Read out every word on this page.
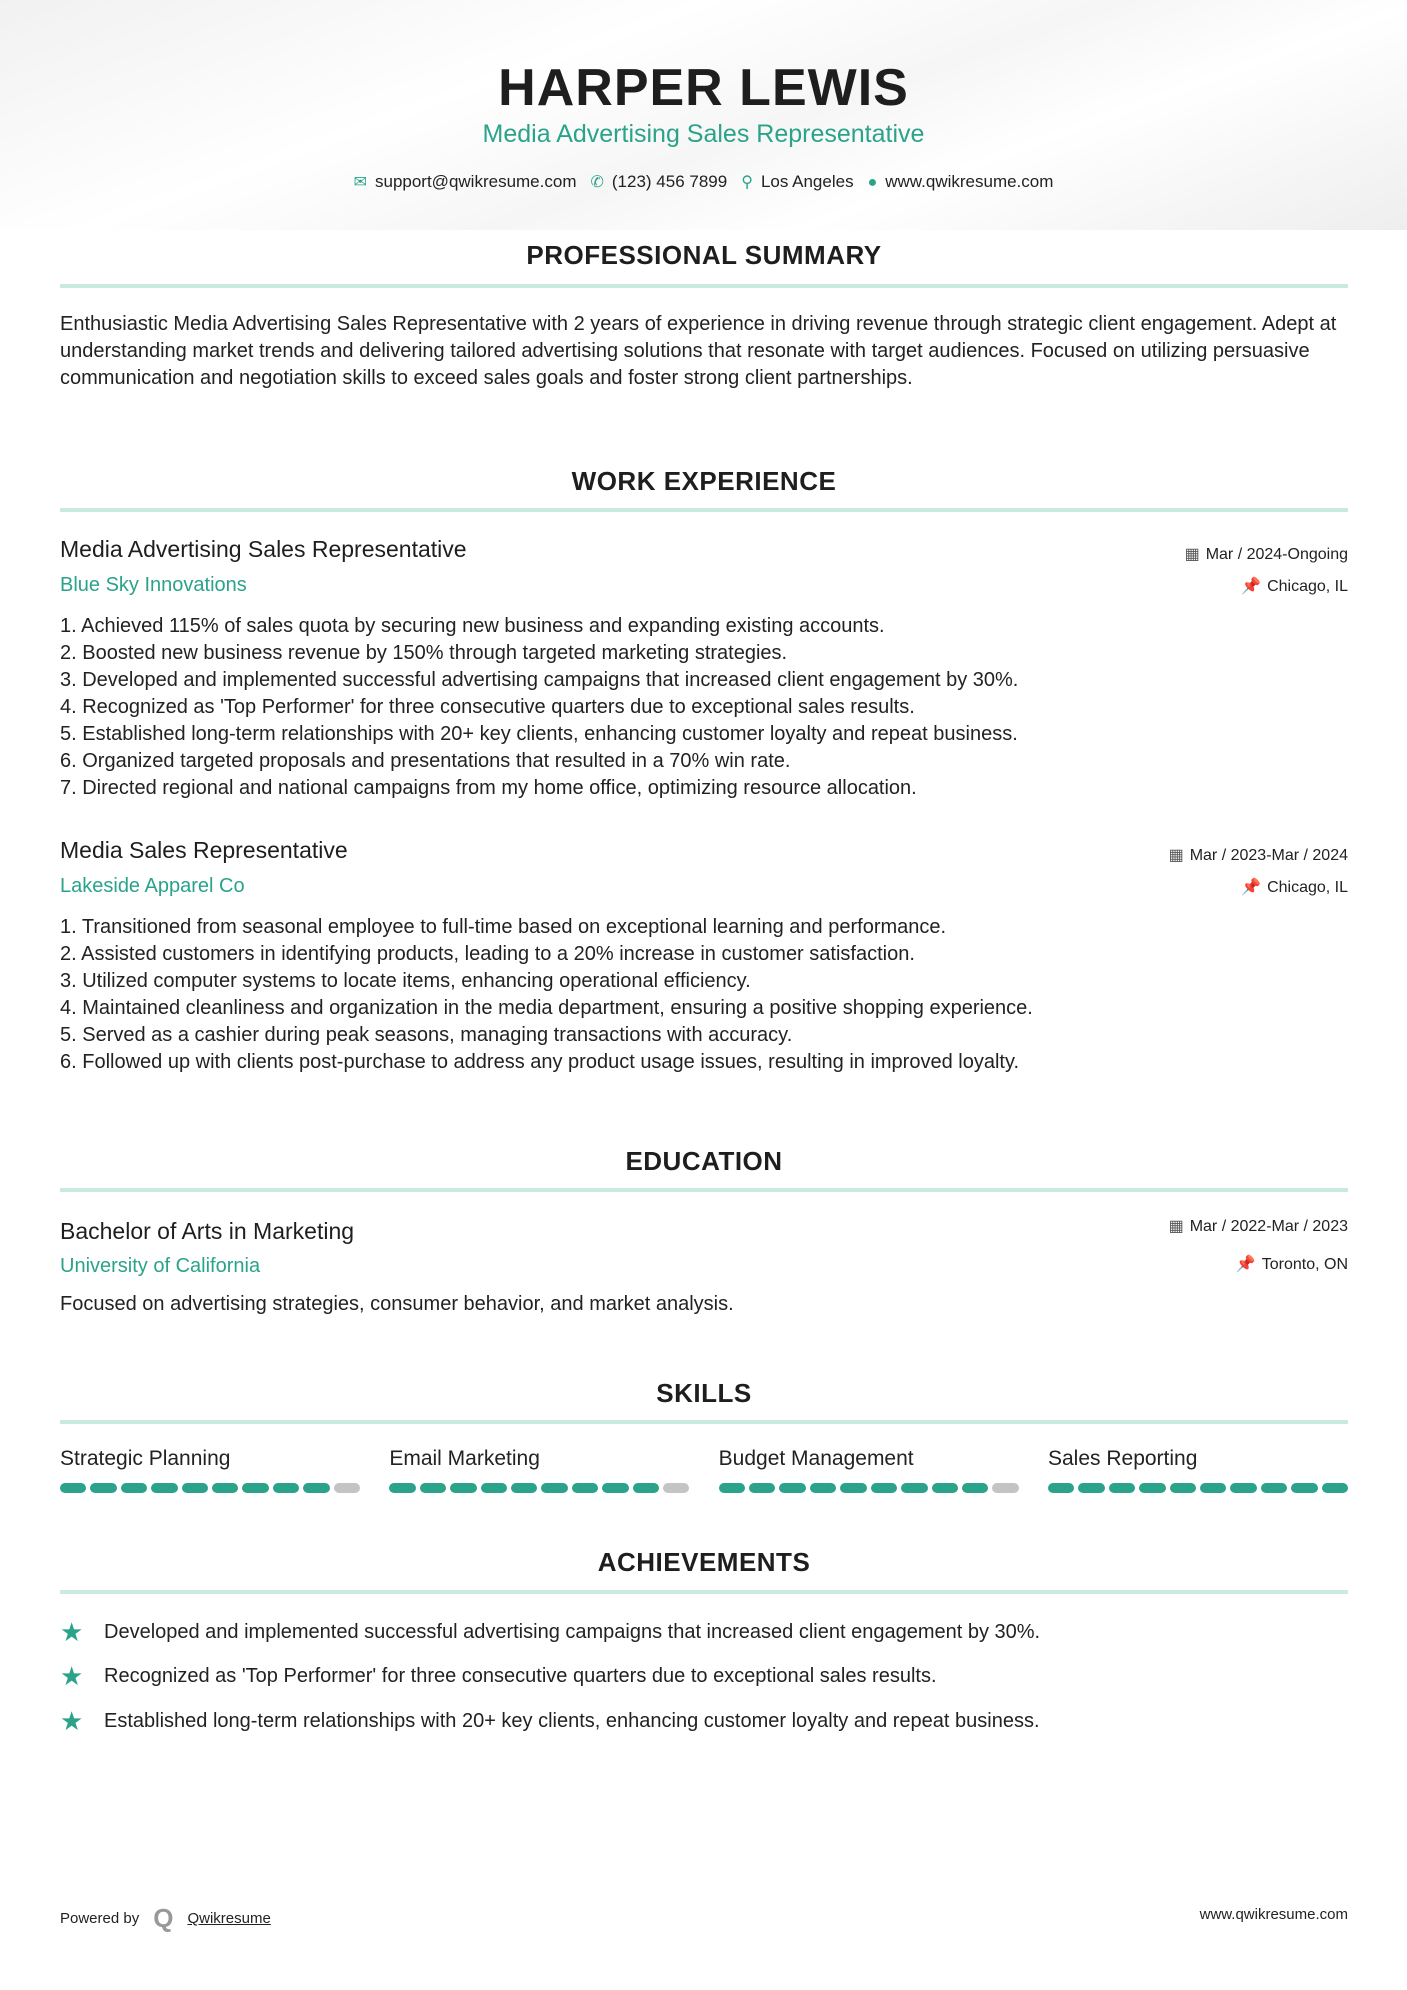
HARPER LEWIS
Media Advertising Sales Representative
✉ support@qwikresume.com ✆ (123) 456 7899 ⚲ Los Angeles ● www.qwikresume.com
PROFESSIONAL SUMMARY
Enthusiastic Media Advertising Sales Representative with 2 years of experience in driving revenue through strategic client engagement. Adept at understanding market trends and delivering tailored advertising solutions that resonate with target audiences. Focused on utilizing persuasive communication and negotiation skills to exceed sales goals and foster strong client partnerships.
WORK EXPERIENCE
Media Advertising Sales Representative
Blue Sky Innovations
▦ Mar / 2024-Ongoing
📌 Chicago, IL
1. Achieved 115% of sales quota by securing new business and expanding existing accounts.
2. Boosted new business revenue by 150% through targeted marketing strategies.
3. Developed and implemented successful advertising campaigns that increased client engagement by 30%.
4. Recognized as 'Top Performer' for three consecutive quarters due to exceptional sales results.
5. Established long-term relationships with 20+ key clients, enhancing customer loyalty and repeat business.
6. Organized targeted proposals and presentations that resulted in a 70% win rate.
7. Directed regional and national campaigns from my home office, optimizing resource allocation.
Media Sales Representative
Lakeside Apparel Co
▦ Mar / 2023-Mar / 2024
📌 Chicago, IL
1. Transitioned from seasonal employee to full-time based on exceptional learning and performance.
2. Assisted customers in identifying products, leading to a 20% increase in customer satisfaction.
3. Utilized computer systems to locate items, enhancing operational efficiency.
4. Maintained cleanliness and organization in the media department, ensuring a positive shopping experience.
5. Served as a cashier during peak seasons, managing transactions with accuracy.
6. Followed up with clients post-purchase to address any product usage issues, resulting in improved loyalty.
EDUCATION
Bachelor of Arts in Marketing
University of California
▦ Mar / 2022-Mar / 2023
📌 Toronto, ON
Focused on advertising strategies, consumer behavior, and market analysis.
SKILLS
Strategic Planning	Email Marketing	Budget Management	Sales Reporting
ACHIEVEMENTS
★	Developed and implemented successful advertising campaigns that increased client engagement by 30%.
★	Recognized as 'Top Performer' for three consecutive quarters due to exceptional sales results.
★	Established long-term relationships with 20+ key clients, enhancing customer loyalty and repeat business.
Powered by Q Qwikresume	www.qwikresume.com
